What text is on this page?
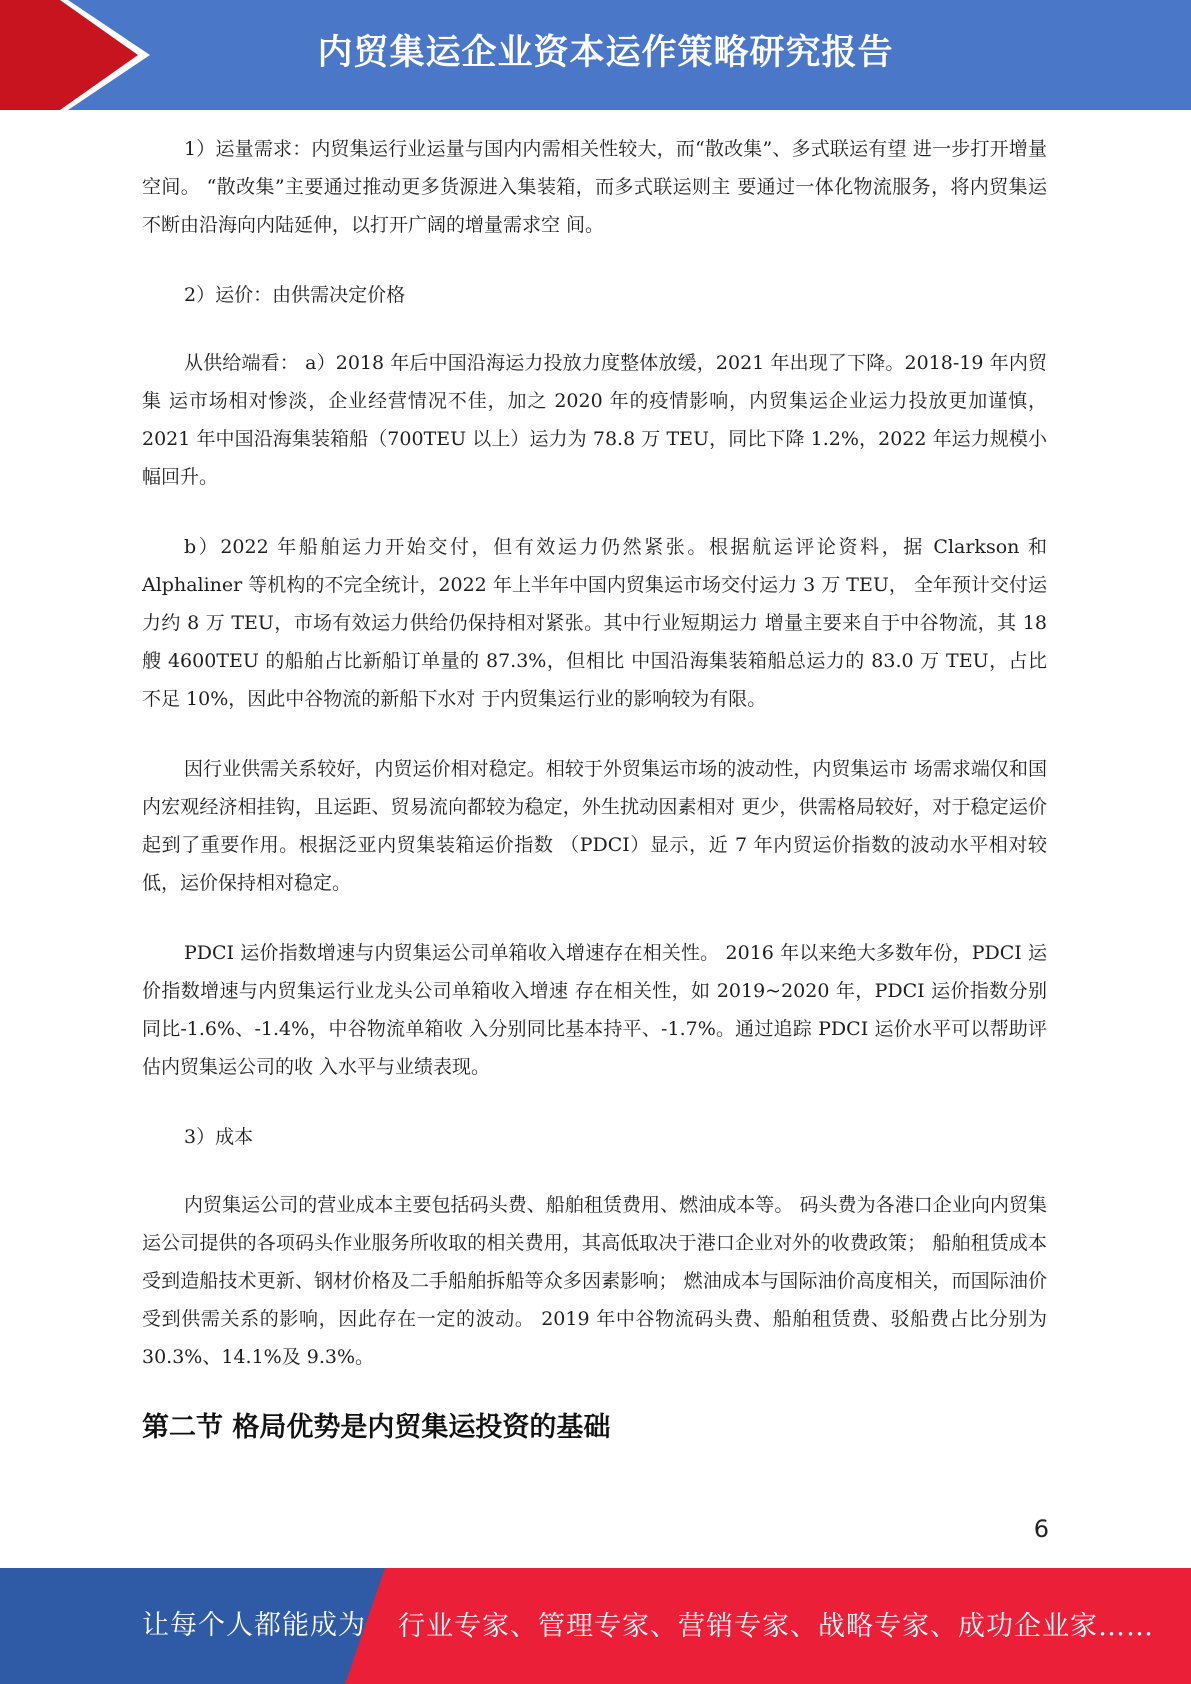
内贸集运企业资本运作策略研究报告

1）运量需求：内贸集运行业运量与国内内需相关性较大，而“散改集”、多式联运有望 进一步打开增量空间。 “散改集”主要通过推动更多货源进入集装箱，而多式联运则主 要通过一体化物流服务，将内贸集运不断由沿海向内陆延伸，以打开广阔的增量需求空 间。

2）运价：由供需决定价格

从供给端看： a）2018 年后中国沿海运力投放力度整体放缓，2021 年出现了下降。2018-19 年内贸集 运市场相对惨淡，企业经营情况不佳，加之 2020 年的疫情影响，内贸集运企业运力投放更加谨慎， 2021 年中国沿海集装箱船（700TEU 以上）运力为 78.8 万 TEU，同比下降 1.2%，2022 年运力规模小幅回升。

b）2022 年船舶运力开始交付，但有效运力仍然紧张。根据航运评论资料，据 Clarkson 和 Alphaliner 等机构的不完全统计，2022 年上半年中国内贸集运市场交付运力 3 万 TEU， 全年预计交付运力约 8 万 TEU，市场有效运力供给仍保持相对紧张。其中行业短期运力 增量主要来自于中谷物流，其 18 艘 4600TEU 的船舶占比新船订单量的 87.3%，但相比 中国沿海集装箱船总运力的 83.0 万 TEU，占比不足 10%，因此中谷物流的新船下水对 于内贸集运行业的影响较为有限。

因行业供需关系较好，内贸运价相对稳定。相较于外贸集运市场的波动性，内贸集运市 场需求端仅和国内宏观经济相挂钩，且运距、贸易流向都较为稳定，外生扰动因素相对 更少，供需格局较好，对于稳定运价起到了重要作用。根据泛亚内贸集装箱运价指数 （PDCI）显示，近 7 年内贸运价指数的波动水平相对较低，运价保持相对稳定。

PDCI 运价指数增速与内贸集运公司单箱收入增速存在相关性。 2016 年以来绝大多数年份，PDCI 运价指数增速与内贸集运行业龙头公司单箱收入增速 存在相关性，如 2019~2020 年，PDCI 运价指数分别同比-1.6%、-1.4%，中谷物流单箱收 入分别同比基本持平、-1.7%。通过追踪 PDCI 运价水平可以帮助评估内贸集运公司的收 入水平与业绩表现。

3）成本

内贸集运公司的营业成本主要包括码头费、船舶租赁费用、燃油成本等。 码头费为各港口企业向内贸集运公司提供的各项码头作业服务所收取的相关费用，其高低取决于港口企业对外的收费政策； 船舶租赁成本受到造船技术更新、钢材价格及二手船舶拆船等众多因素影响； 燃油成本与国际油价高度相关，而国际油价受到供需关系的影响，因此存在一定的波动。 2019 年中谷物流码头费、船舶租赁费、驳船费占比分别为 30.3%、14.1%及 9.3%。

第二节 格局优势是内贸集运投资的基础
6
让每个人都能成为 行业专家、管理专家、营销专家、战略专家、成功企业家……
